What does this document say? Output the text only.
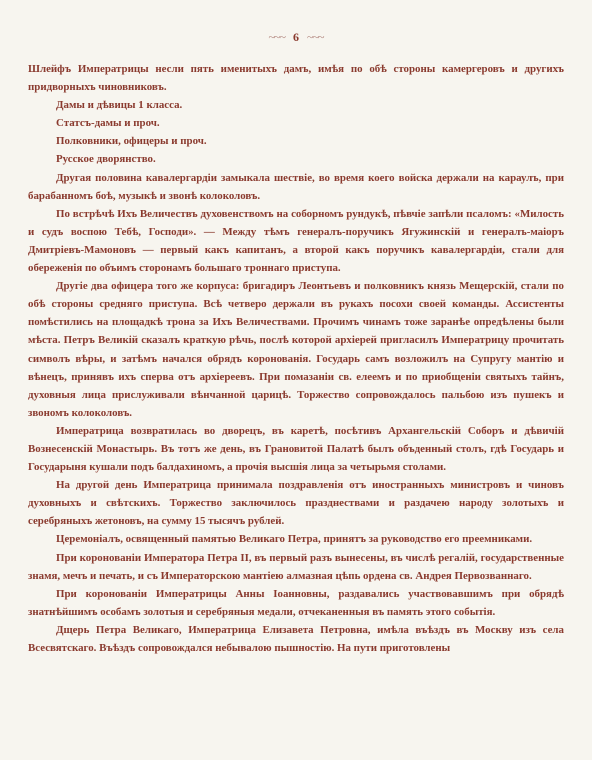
~~~ 6 ~~~

Шлейфъ Императрицы несли пять именитыхъ дамъ, имѣя по обѣ стороны камергеровъ и другихъ придворныхъ чиновниковъ.

Дамы и дѣвицы 1 класса.

Статсъ-дамы и проч.

Полковники, офицеры и проч.

Русское дворянство.

Другая половина кавалергардiи замыкала шествiе, во время коего войска держали на караулъ, при барабанномъ боѣ, музыкѣ и звонѣ колоколовъ.

По встрѣчѣ Ихъ Величествъ духовенствомъ на соборномъ рундукѣ, пѣвчiе запѣли псаломъ: «Милость и судъ воспою Тебѣ, Господи». — Между тѣмъ генералъ-поручикъ Ягужинскiй и генералъ-маiоръ Дмитрiевъ-Мамоновъ — первый какъ капитанъ, а второй какъ поручикъ кавалергардiи, стали для обереженiя по объимъ сторонамъ большаго троннаго приступа.

Другiе два офицера того же корпуса: бригадиръ Леонтьевъ и полковникъ князь Мещерскiй, стали по обѣ стороны средняго приступа. Всѣ четверо держали въ рукахъ посохи своей команды. Ассистенты помѣстились на площадкѣ трона за Ихъ Величествами. Прочимъ чинамъ тоже заранѣе опредѣлены были мѣста. Петръ Великiй сказалъ краткую рѣчь, послѣ которой архiерей пригласилъ Императрицу прочитать символъ вѣры, и затѣмъ началcя обрядъ коронованiя. Государь самъ возложилъ на Супругу мантiю и вѣнецъ, принявъ ихъ сперва отъ архiереевъ. При помазанiи св. елеемъ и по приобщенiи святыхъ тайнъ, духовныя лица прислуживали вѣнчанной царицѣ. Торжество сопровождалось пальбою изъ пушекъ и звономъ колоколовъ.

Императрица возвратилась во дворецъ, въ каретѣ, посѣтивъ Архангельскiй Соборъ и дѣвичiй Вознесенскiй Монастырь. Въ тотъ же день, въ Грановитой Палатѣ былъ объденный столъ, гдѣ Государь и Государыня кушали подъ балдахиномъ, а прочiя высшiя лица за четырьмя столами.

На другой день Императрица принимала поздравленiя отъ иностранныхъ министровъ и чиновъ духовныхъ и свѣтскихъ. Торжество заключилось празднествами и раздачею народу золотыхъ и серебряныхъ жетоновъ, на сумму 15 тысячъ рублей.

Церемонiалъ, освященный памятью Великаго Петра, принятъ за руководство его преемниками.

При коронованiи Императора Петра II, въ первый разъ вынесены, въ числѣ регалiй, государственные знамя, мечъ и печать, и съ Императорскою мантiею алмазная цѣпь ордена св. Андрея Первозваннаго.

При коронованiи Императрицы Анны Iоанновны, раздавались участвовавшимъ при обрядѣ знатнѣйшимъ особамъ золотыя и серебряныя медали, отчеканенныя въ память этого событiя.

Дщерь Петра Великаго, Императрица Елизавета Петровна, имѣла въѣздъ въ Москву изъ села Всесвятскаго. Въѣздъ сопровождался небывалою пышностiю. На пути приготовлены
